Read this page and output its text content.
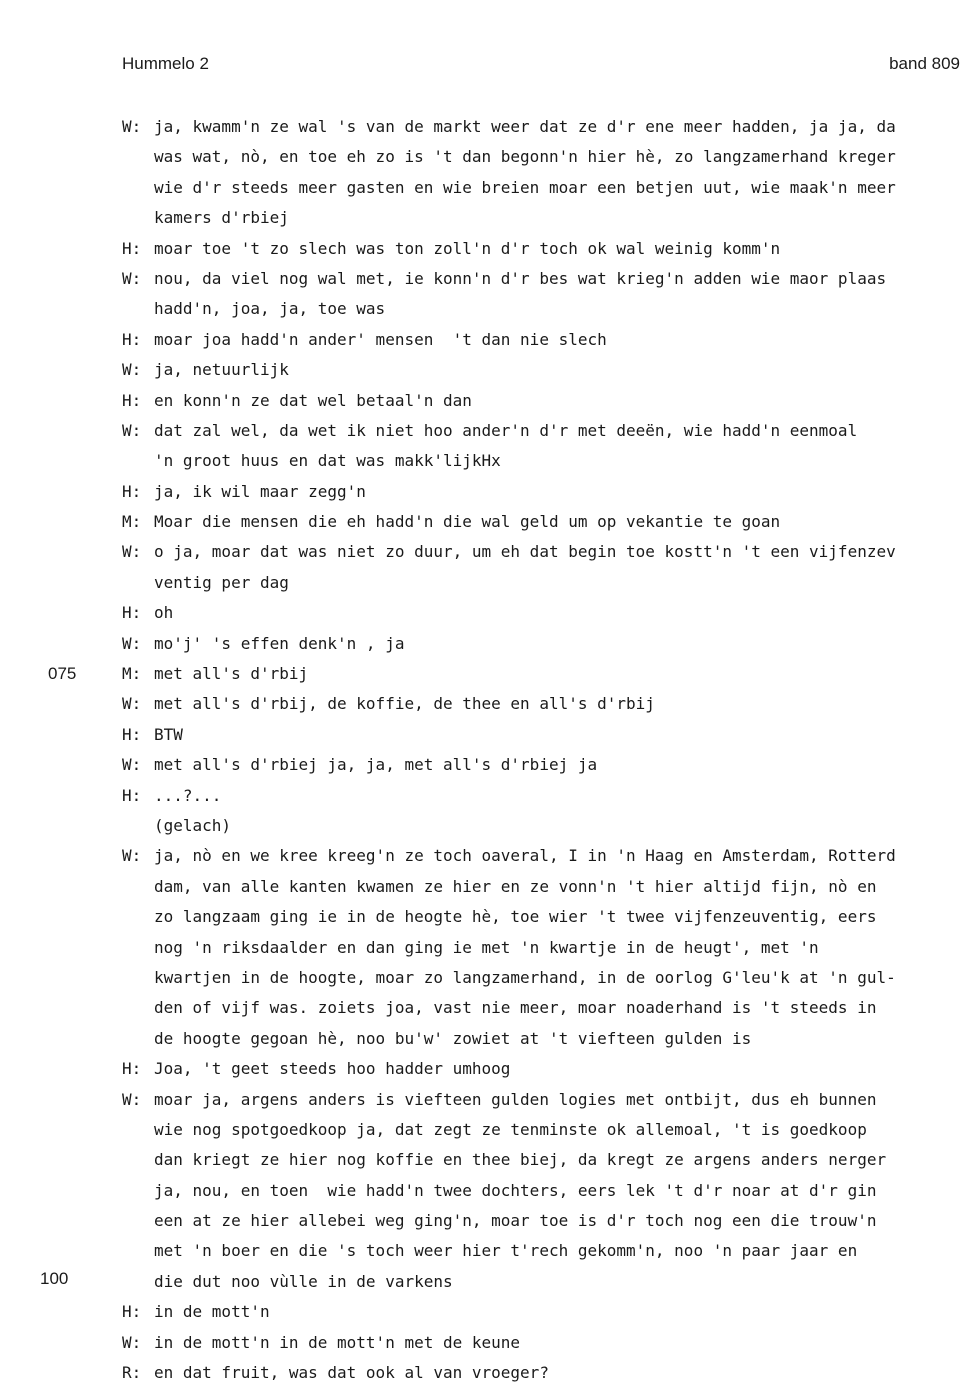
Hummelo 2	band 809
075
100
W: ja, kwamm'n ze wal 's van de markt weer dat ze d'r ene meer hadden, ja ja, da
was wat, nò, en toe eh zo is 't dan begonn'n hier hè, zo langzamerhand kreger
wie d'r steeds meer gasten en wie breien moar een betjen uut, wie maak'n meer
kamers d'rbiej
H: moar toe 't zo slech was ton zoll'n d'r toch ok wal weinig komm'n
W: nou, da viel nog wal met, ie konn'n d'r bes wat krieg'n adden wie maor plaas
hadd'n, joa, ja, toe was
H: moar joa hadd'n ander' mensen  't dan nie slech
W: ja, netuurlijk
H: en konn'n ze dat wel betaal'n dan
W: dat zal wel, da wet ik niet hoo ander'n d'r met deeën, wie hadd'n eenmoal
'n groot huus en dat was makk'lijkHx
H: ja, ik wil maar zegg'n
M: Moar die mensen die eh hadd'n die wal geld um op vekantie te goan
W: o ja, moar dat was niet zo duur, um eh dat begin toe kostt'n 't een vijfenzev
ventig per dag
H: oh
W: mo'j' 's effen denk'n , ja
M: met all's d'rbij
W: met all's d'rbij, de koffie, de thee en all's d'rbij
H: BTW
W: met all's d'rbiej ja, ja, met all's d'rbiej ja
H: ...?...
(gelach)
W: ja, nò en we kree kreeg'n ze toch oaveral, I in 'n Haag en Amsterdam, Rotterd
dam, van alle kanten kwamen ze hier en ze vonn'n 't hier altijd fijn, nò en
zo langzaam ging ie in de heogte hè, toe wier 't twee vijfenzeuventig, eers
nog 'n riksdaalder en dan ging ie met 'n kwartje in de heugt', met 'n
kwartjen in de hoogte, moar zo langzamerhand, in de oorlog G'leu'k at 'n gul-
den of vijf was. zoiets joa, vast nie meer, moar noaderhand is 't steeds in
de hoogte gegoan hè, noo bu'w' zowiet at 't viefteen gulden is
H: Joa, 't geet steeds hoo hadder umhoog
W: moar ja, argens anders is viefteen gulden logies met ontbijt, dus eh bunnen
wie nog spotgoedkoop ja, dat zegt ze tenminste ok allemoal, 't is goedkoop
dan kriegt ze hier nog koffie en thee biej, da kregt ze argens anders nerger
ja, nou, en toen  wie hadd'n twee dochters, eers lek 't d'r noar at d'r gin
een at ze hier allebei weg ging'n, moar toe is d'r toch nog een die trouw'n
met 'n boer en die 's toch weer hier t'rech gekomm'n, noo 'n paar jaar en
die dut noo vùlle in de varkens
H: in de mott'n
W: in de mott'n in de mott'n met de keune
R: en dat fruit, was dat ook al van vroeger?
